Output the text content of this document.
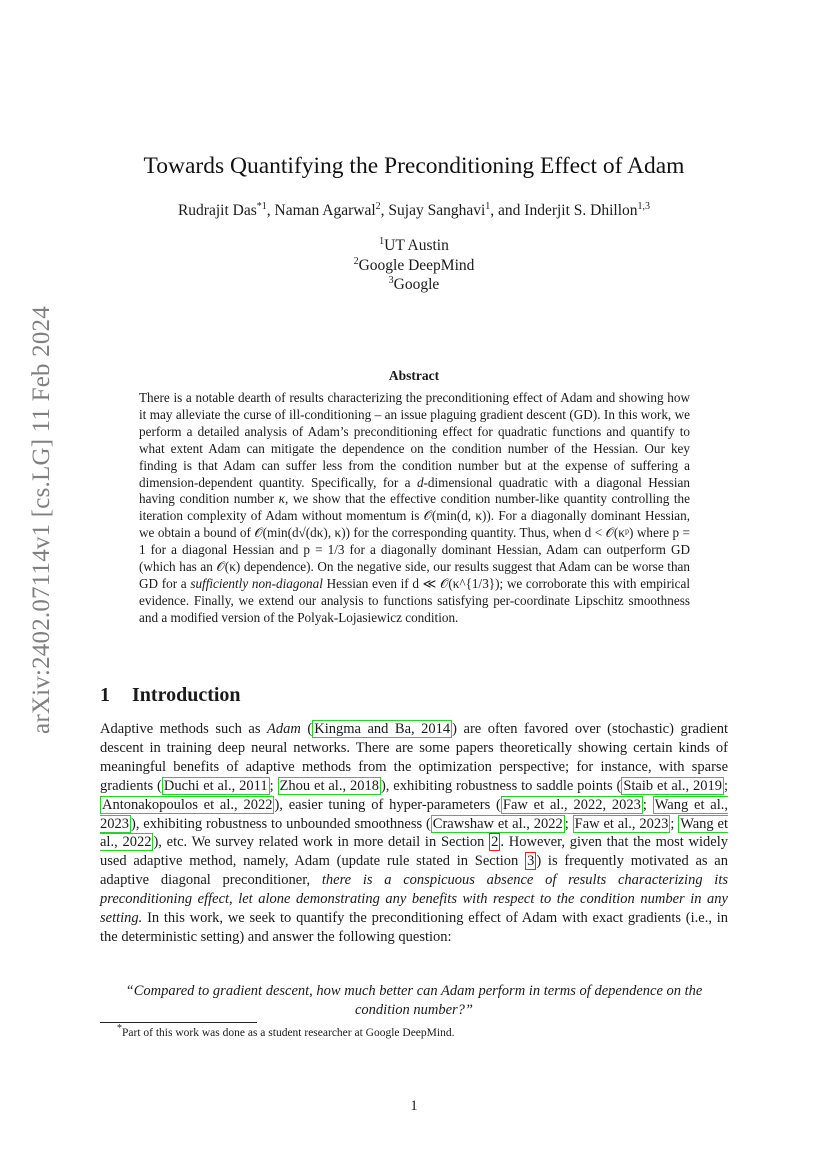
arXiv:2402.07114v1 [cs.LG] 11 Feb 2024
Towards Quantifying the Preconditioning Effect of Adam
Rudrajit Das$^{*1}$, Naman Agarwal$^2$, Sujay Sanghavi$^1$, and Inderjit S. Dhillon$^{1,3}$
$^1$UT Austin
$^2$Google DeepMind
$^3$Google
Abstract

There is a notable dearth of results characterizing the preconditioning effect of Adam and showing how it may alleviate the curse of ill-conditioning – an issue plaguing gradient descent (GD). In this work, we perform a detailed analysis of Adam’s preconditioning effect for quadratic functions and quantify to what extent Adam can mitigate the dependence on the condition number of the Hessian. Our key finding is that Adam can suffer less from the condition number but at the expense of suffering a dimension-dependent quantity. Specifically, for a d-dimensional quadratic with a diagonal Hessian having condition number κ, we show that the effective condition number-like quantity controlling the iteration complexity of Adam without momentum is 𝒪(min(d, κ)). For a diagonally dominant Hessian, we obtain a bound of 𝒪(min(d√(dκ), κ)) for the corresponding quantity. Thus, when d < 𝒪(κᵖ) where p = 1 for a diagonal Hessian and p = 1/3 for a diagonally dominant Hessian, Adam can outperform GD (which has an 𝒪(κ) dependence). On the negative side, our results suggest that Adam can be worse than GD for a sufficiently non-diagonal Hessian even if d ≪ 𝒪(κ^{1/3}); we corroborate this with empirical evidence. Finally, we extend our analysis to functions satisfying per-coordinate Lipschitz smoothness and a modified version of the Polyak-Lojasiewicz condition.

1 Introduction

Adaptive methods such as Adam ( Kingma and Ba, 2014 ) are often favored over (stochastic) gradient descent in training deep neural networks. There are some papers theoretically showing certain kinds of meaningful benefits of adaptive methods from the optimization perspective; for instance, with sparse gradients ( Duchi et al., 2011 ; Zhou et al., 2018 ), exhibiting robustness to saddle points ( Staib et al., 2019 ; Antonakopoulos et al., 2022 ), easier tuning of hyper-parameters ( Faw et al., 2022, 2023 ; Wang et al., 2023 ), exhibiting robustness to unbounded smoothness ( Crawshaw et al., 2022 ; Faw et al., 2023 ; Wang et al., 2022 ), etc. We survey related work in more detail in Section 2 . However, given that the most widely used adaptive method, namely, Adam (update rule stated in Section 3 ) is frequently motivated as an adaptive diagonal preconditioner, there is a conspicuous absence of results characterizing its preconditioning effect, let alone demonstrating any benefits with respect to the condition number in any setting. In this work, we seek to quantify the preconditioning effect of Adam with exact gradients (i.e., in the deterministic setting) and answer the following question:

“Compared to gradient descent, how much better can Adam perform in terms of dependence on the condition number?”

*Part of this work was done as a student researcher at Google DeepMind.
1
